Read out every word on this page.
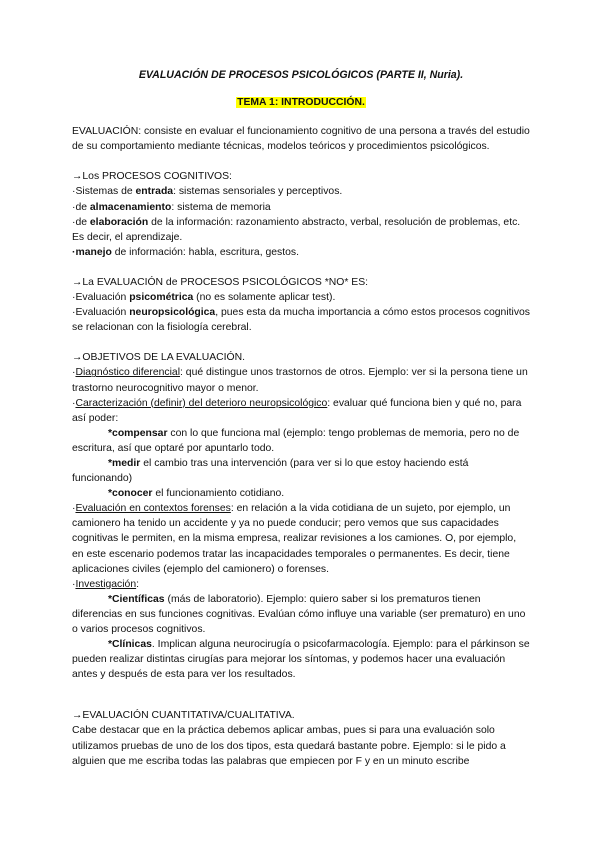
EVALUACIÓN DE PROCESOS PSICOLÓGICOS (PARTE II, Nuria).

TEMA 1: INTRODUCCIÓN.

EVALUACIÓN: consiste en evaluar el funcionamiento cognitivo de una persona a través del estudio de su comportamiento mediante técnicas, modelos teóricos y procedimientos psicológicos.

→Los PROCESOS COGNITIVOS:

·Sistemas de entrada: sistemas sensoriales y perceptivos.

·de almacenamiento: sistema de memoria

·de elaboración de la información: razonamiento abstracto, verbal, resolución de problemas, etc. Es decir, el aprendizaje.

·manejo de información: habla, escritura, gestos.

→La EVALUACIÓN de PROCESOS PSICOLÓGICOS *NO* ES:

·Evaluación psicométrica (no es solamente aplicar test).

·Evaluación neuropsicológica, pues esta da mucha importancia a cómo estos procesos cognitivos se relacionan con la fisiología cerebral.

→OBJETIVOS DE LA EVALUACIÓN.

·Diagnóstico diferencial: qué distingue unos trastornos de otros. Ejemplo: ver si la persona tiene un trastorno neurocognitivo mayor o menor.

·Caracterización (definir) del deterioro neuropsicológico: evaluar qué funciona bien y qué no, para así poder:

*compensar con lo que funciona mal (ejemplo: tengo problemas de memoria, pero no de escritura, así que optaré por apuntarlo todo.

*medir el cambio tras una intervención (para ver si lo que estoy haciendo está funcionando)

*conocer el funcionamiento cotidiano.

·Evaluación en contextos forenses: en relación a la vida cotidiana de un sujeto, por ejemplo, un camionero ha tenido un accidente y ya no puede conducir; pero vemos que sus capacidades cognitivas le permiten, en la misma empresa, realizar revisiones a los camiones. O, por ejemplo, en este escenario podemos tratar las incapacidades temporales o permanentes. Es decir, tiene aplicaciones civiles (ejemplo del camionero) o forenses.

·Investigación:

*Científicas (más de laboratorio). Ejemplo: quiero saber si los prematuros tienen diferencias en sus funciones cognitivas. Evalúan cómo influye una variable (ser prematuro) en uno o varios procesos cognitivos.

*Clínicas. Implican alguna neurocirugía o psicofarmacología. Ejemplo: para el párkinson se pueden realizar distintas cirugías para mejorar los síntomas, y podemos hacer una evaluación antes y después de esta para ver los resultados.

→EVALUACIÓN CUANTITATIVA/CUALITATIVA.

Cabe destacar que en la práctica debemos aplicar ambas, pues si para una evaluación solo utilizamos pruebas de uno de los dos tipos, esta quedará bastante pobre. Ejemplo: si le pido a alguien que me escriba todas las palabras que empiecen por F y en un minuto escribe
